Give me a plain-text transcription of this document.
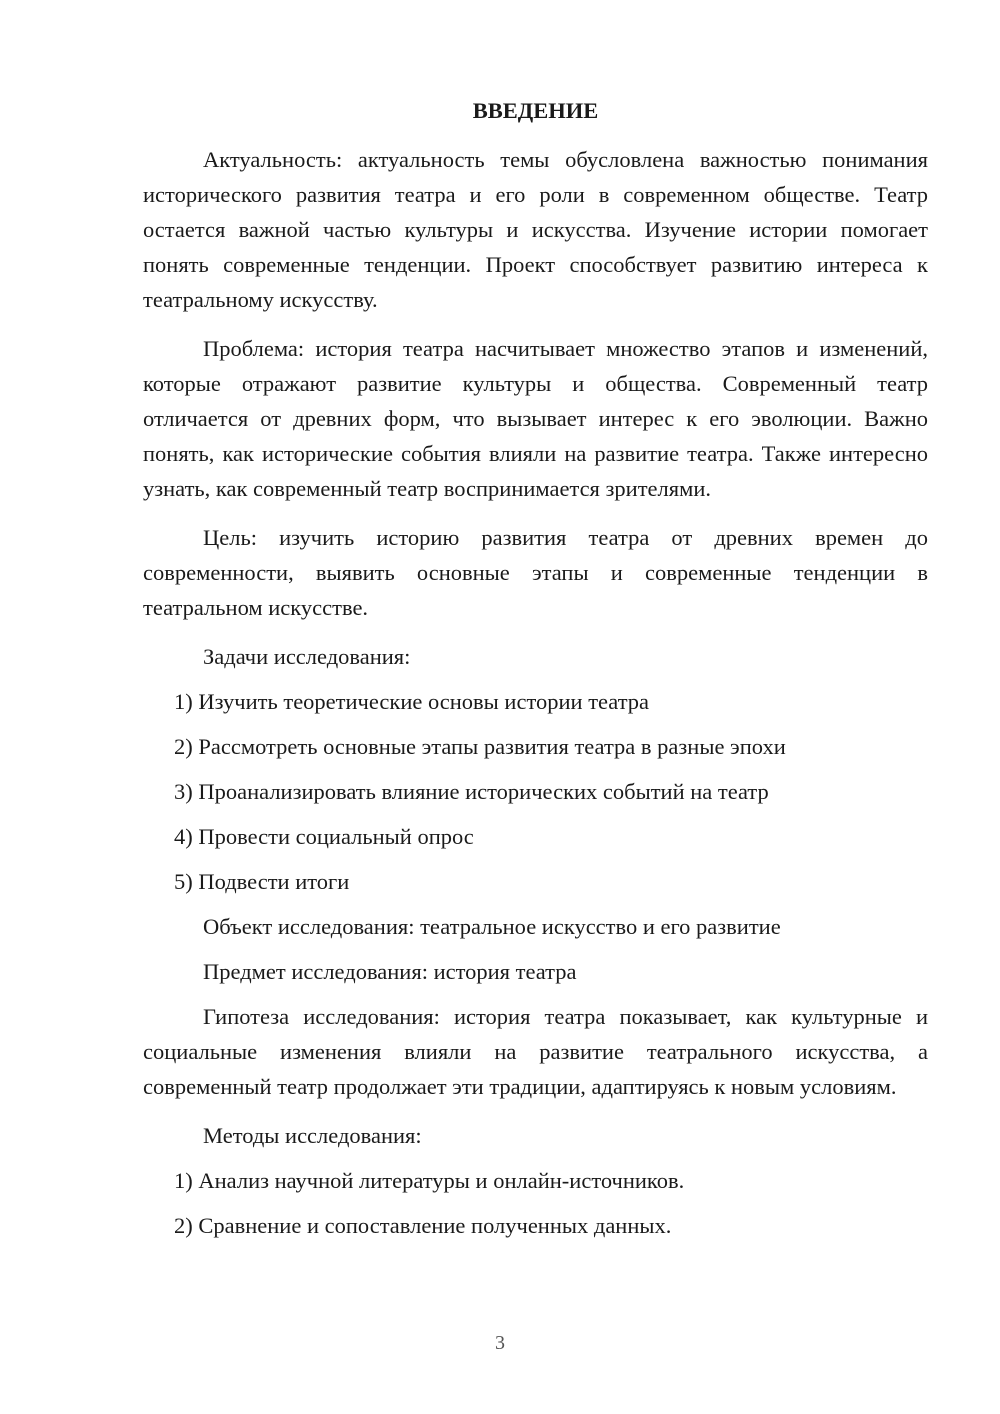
ВВЕДЕНИЕ

Актуальность: актуальность темы обусловлена важностью понимания исторического развития театра и его роли в современном обществе. Театр остается важной частью культуры и искусства. Изучение истории помогает понять современные тенденции. Проект способствует развитию интереса к театральному искусству.

Проблема: история театра насчитывает множество этапов и изменений, которые отражают развитие культуры и общества. Современный театр отличается от древних форм, что вызывает интерес к его эволюции. Важно понять, как исторические события влияли на развитие театра. Также интересно узнать, как современный театр воспринимается зрителями.

Цель: изучить историю развития театра от древних времен до современности, выявить основные этапы и современные тенденции в театральном искусстве.

Задачи исследования:
1) Изучить теоретические основы истории театра
2) Рассмотреть основные этапы развития театра в разные эпохи
3) Проанализировать влияние исторических событий на театр
4) Провести социальный опрос
5) Подвести итоги
Объект исследования: театральное искусство и его развитие
Предмет исследования: история театра

Гипотеза исследования: история театра показывает, как культурные и социальные изменения влияли на развитие театрального искусства, а современный театр продолжает эти традиции, адаптируясь к новым условиям.

Методы исследования:
1) Анализ научной литературы и онлайн-источников.
2) Сравнение и сопоставление полученных данных.
3
